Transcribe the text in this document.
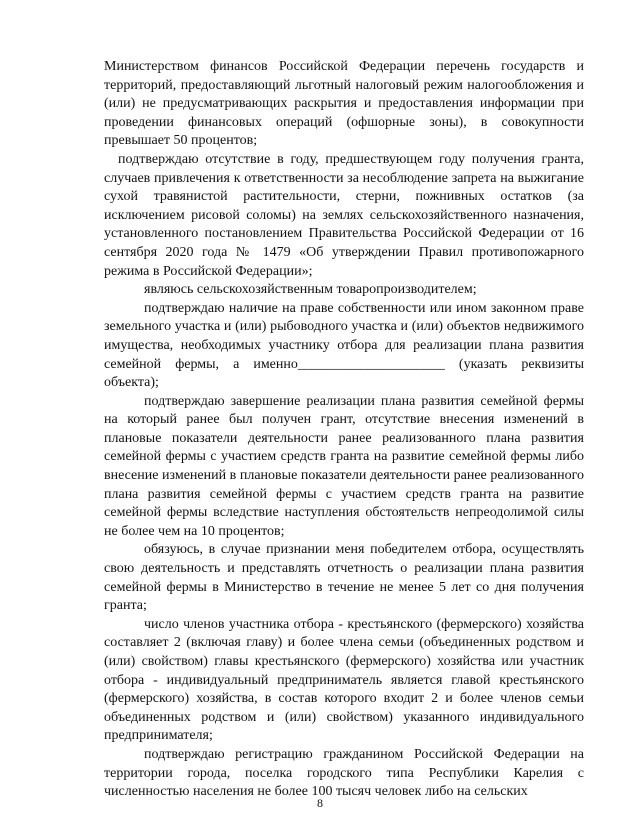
Министерством финансов Российской Федерации перечень государств и территорий, предоставляющий льготный налоговый режим налогообложения и (или) не предусматривающих раскрытия и предоставления информации при проведении финансовых операций (офшорные зоны), в совокупности превышает 50 процентов;

подтверждаю отсутствие в году, предшествующем году получения гранта, случаев привлечения к ответственности за несоблюдение запрета на выжигание сухой травянистой растительности, стерни, пожнивных остатков (за исключением рисовой соломы) на землях сельскохозяйственного назначения, установленного постановлением Правительства Российской Федерации от 16 сентября 2020 года № 1479 «Об утверждении Правил противопожарного режима в Российской Федерации»;

являюсь сельскохозяйственным товаропроизводителем;

подтверждаю наличие на праве собственности или ином законном праве земельного участка и (или) рыбоводного участка и (или) объектов недвижимого имущества, необходимых участнику отбора для реализации плана развития семейной фермы, а именно_____________________ (указать реквизиты объекта);

подтверждаю завершение реализации плана развития семейной фермы на который ранее был получен грант, отсутствие внесения изменений в плановые показатели деятельности ранее реализованного плана развития семейной фермы с участием средств гранта на развитие семейной фермы либо внесение изменений в плановые показатели деятельности ранее реализованного плана развития семейной фермы с участием средств гранта на развитие семейной фермы вследствие наступления обстоятельств непреодолимой силы не более чем на 10 процентов;

обязуюсь, в случае признании меня победителем отбора, осуществлять свою деятельность и представлять отчетность о реализации плана развития семейной фермы в Министерство в течение не менее 5 лет со дня получения гранта;

число членов участника отбора - крестьянского (фермерского) хозяйства составляет 2 (включая главу) и более члена семьи (объединенных родством и (или) свойством) главы крестьянского (фермерского) хозяйства или участник отбора - индивидуальный предприниматель является главой крестьянского (фермерского) хозяйства, в состав которого входит 2 и более членов семьи объединенных родством и (или) свойством) указанного индивидуального предпринимателя;

подтверждаю регистрацию гражданином Российской Федерации на территории города, поселка городского типа Республики Карелия с численностью населения не более 100 тысяч человек либо на сельских

8
